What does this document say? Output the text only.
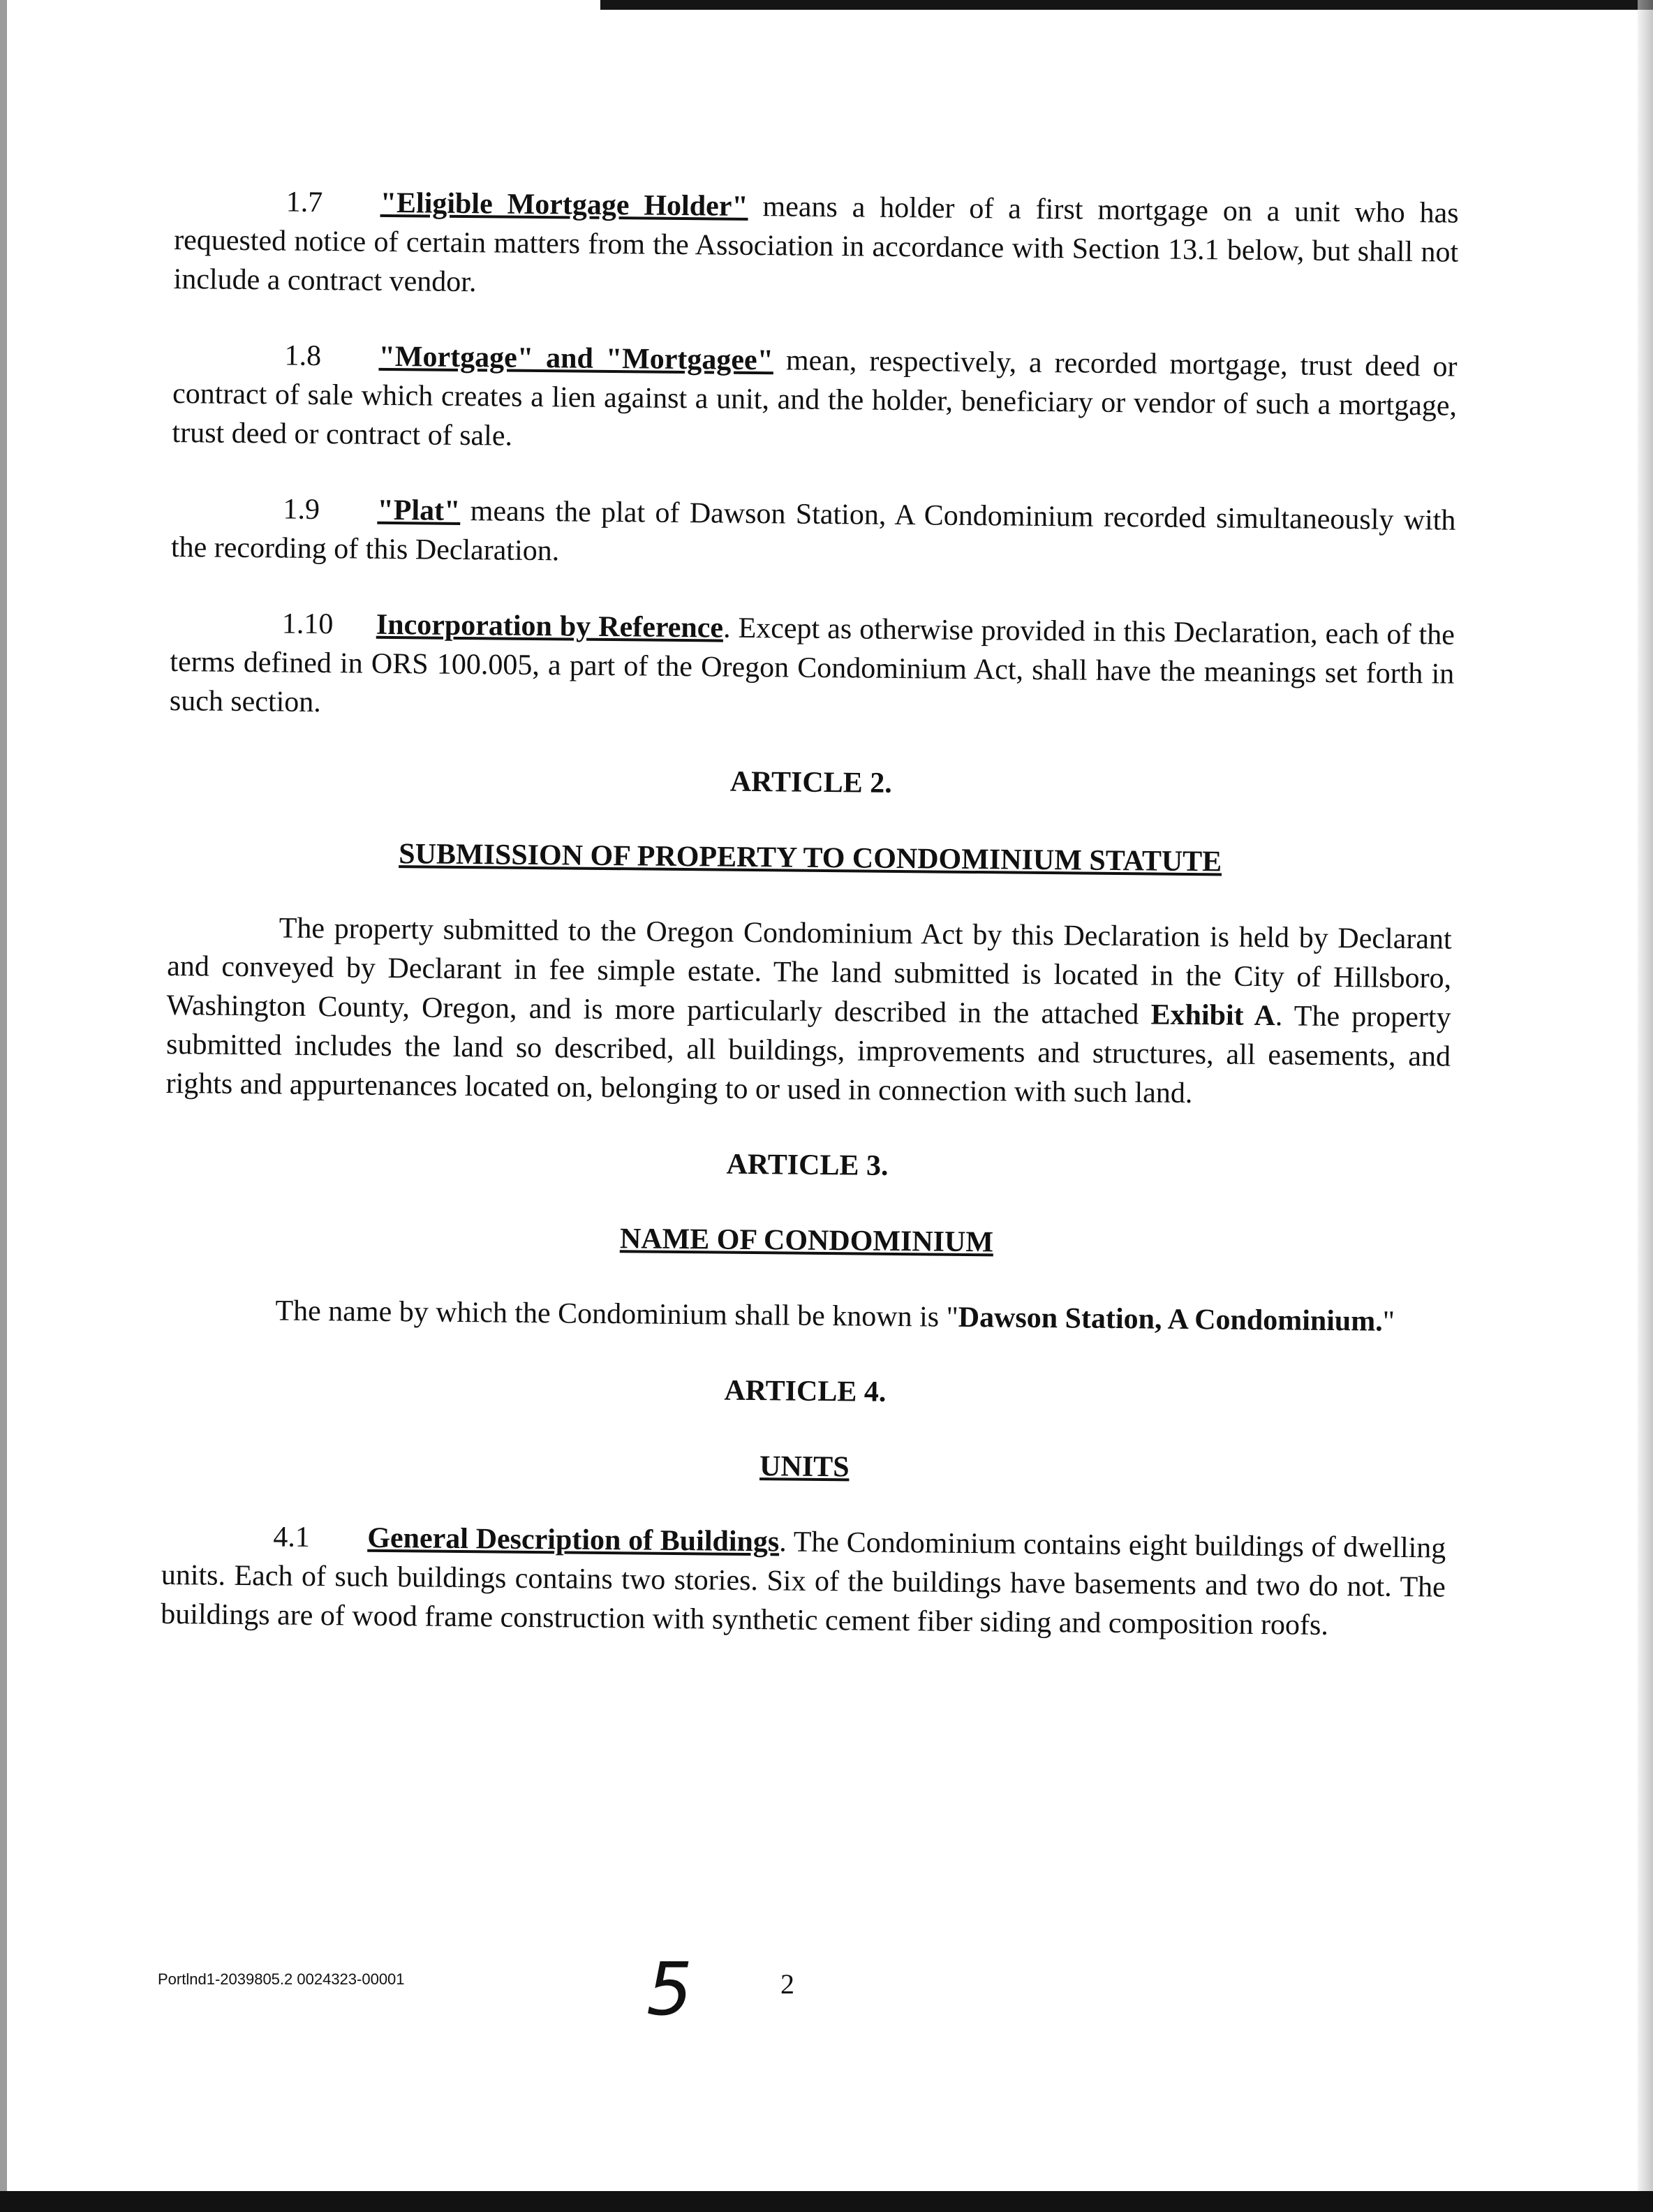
1.7 "Eligible Mortgage Holder" means a holder of a first mortgage on a unit who has requested notice of certain matters from the Association in accordance with Section 13.1 below, but shall not include a contract vendor.

1.8 "Mortgage" and "Mortgagee" mean, respectively, a recorded mortgage, trust deed or contract of sale which creates a lien against a unit, and the holder, beneficiary or vendor of such a mortgage, trust deed or contract of sale.

1.9 "Plat" means the plat of Dawson Station, A Condominium recorded simultaneously with the recording of this Declaration.

1.10 Incorporation by Reference. Except as otherwise provided in this Declaration, each of the terms defined in ORS 100.005, a part of the Oregon Condominium Act, shall have the meanings set forth in such section.

ARTICLE 2.
SUBMISSION OF PROPERTY TO CONDOMINIUM STATUTE

The property submitted to the Oregon Condominium Act by this Declaration is held by Declarant and conveyed by Declarant in fee simple estate. The land submitted is located in the City of Hillsboro, Washington County, Oregon, and is more particularly described in the attached Exhibit A. The property submitted includes the land so described, all buildings, improvements and structures, all easements, and rights and appurtenances located on, belonging to or used in connection with such land.

ARTICLE 3.
NAME OF CONDOMINIUM

The name by which the Condominium shall be known is "Dawson Station, A Condominium."

ARTICLE 4.
UNITS

4.1 General Description of Buildings. The Condominium contains eight buildings of dwelling units. Each of such buildings contains two stories. Six of the buildings have basements and two do not. The buildings are of wood frame construction with synthetic cement fiber siding and composition roofs.

Portlnd1-2039805.2 0024323-00001	5	2
